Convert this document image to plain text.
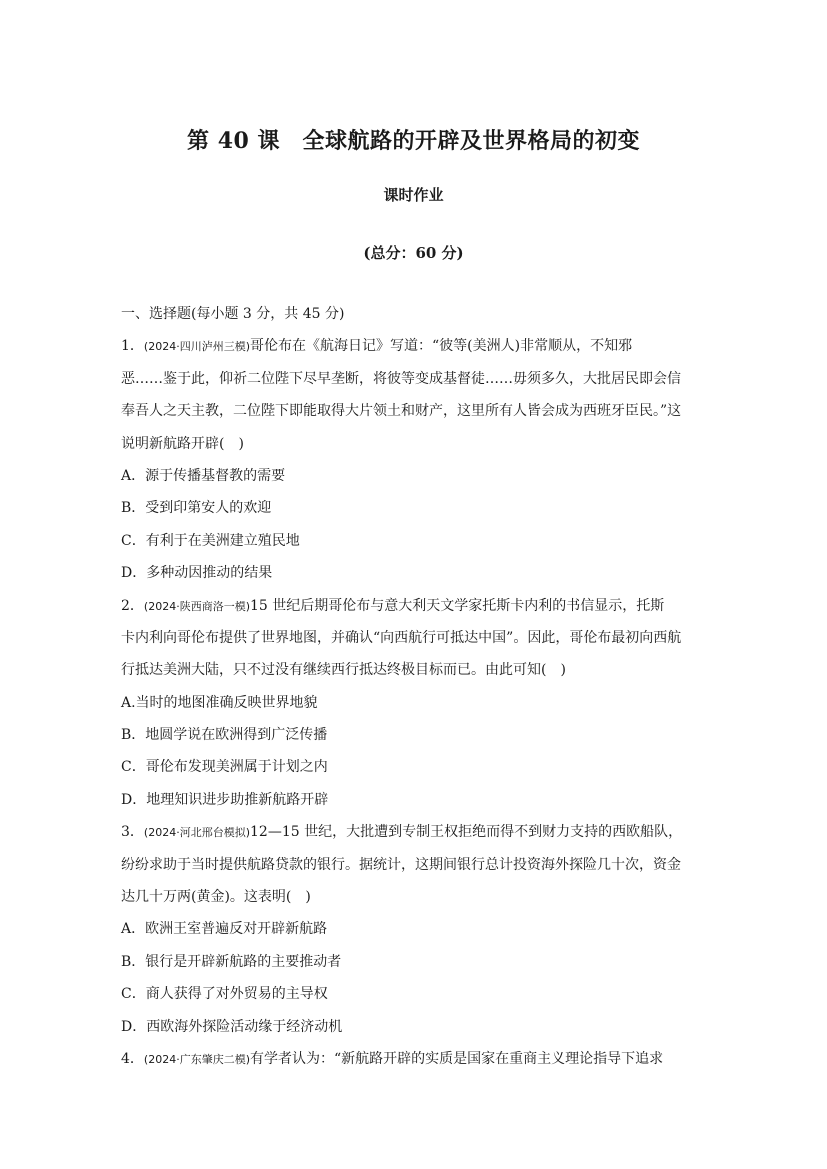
第 40 课　全球航路的开辟及世界格局的初变
课时作业
(总分：60 分)
一、选择题(每小题 3 分，共 45 分)
1．(2024·四川泸州三模)哥伦布在《航海日记》写道：“彼等(美洲人)非常顺从，不知邪
恶……鉴于此，仰祈二位陛下尽早垄断，将彼等变成基督徒……毋须多久，大批居民即会信
奉吾人之天主教，二位陛下即能取得大片领土和财产，这里所有人皆会成为西班牙臣民。”这
说明新航路开辟(　)
A．源于传播基督教的需要
B．受到印第安人的欢迎
C．有利于在美洲建立殖民地
D．多种动因推动的结果
2．(2024·陕西商洛一模)15 世纪后期哥伦布与意大利天文学家托斯卡内利的书信显示，托斯
卡内利向哥伦布提供了世界地图，并确认“向西航行可抵达中国”。因此，哥伦布最初向西航
行抵达美洲大陆，只不过没有继续西行抵达终极目标而已。由此可知(　)
A.当时的地图准确反映世界地貌
B．地圆学说在欧洲得到广泛传播
C．哥伦布发现美洲属于计划之内
D．地理知识进步助推新航路开辟
3．(2024·河北邢台模拟)12—15 世纪，大批遭到专制王权拒绝而得不到财力支持的西欧船队，
纷纷求助于当时提供航路贷款的银行。据统计，这期间银行总计投资海外探险几十次，资金
达几十万两(黄金)。这表明(　)
A．欧洲王室普遍反对开辟新航路
B．银行是开辟新航路的主要推动者
C．商人获得了对外贸易的主导权
D．西欧海外探险活动缘于经济动机
4．(2024·广东肇庆二模)有学者认为：“新航路开辟的实质是国家在重商主义理论指导下追求
